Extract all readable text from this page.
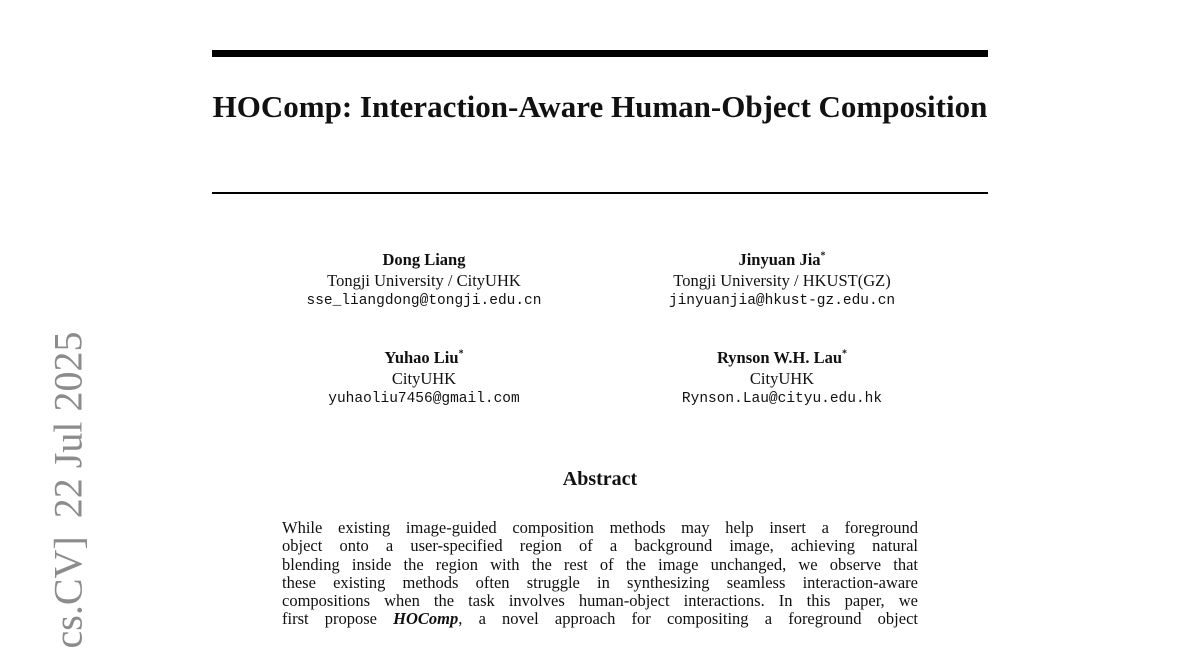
HOComp: Interaction-Aware Human-Object Composition
Dong Liang
Tongji University / CityUHK
sse_liangdong@tongji.edu.cn
Jinyuan Jia*
Tongji University / HKUST(GZ)
jinyuanjia@hkust-gz.edu.cn
Yuhao Liu*
CityUHK
yuhaoliu7456@gmail.com
Rynson W.H. Lau*
CityUHK
Rynson.Lau@cityu.edu.hk
Abstract

While existing image-guided composition methods may help insert a foreground
object onto a user-specified region of a background image, achieving natural
blending inside the region with the rest of the image unchanged, we observe that
these existing methods often struggle in synthesizing seamless interaction-aware
compositions when the task involves human-object interactions. In this paper, we
first propose HOComp, a novel approach for compositing a foreground object

cs.CV]22 Jul 2025
